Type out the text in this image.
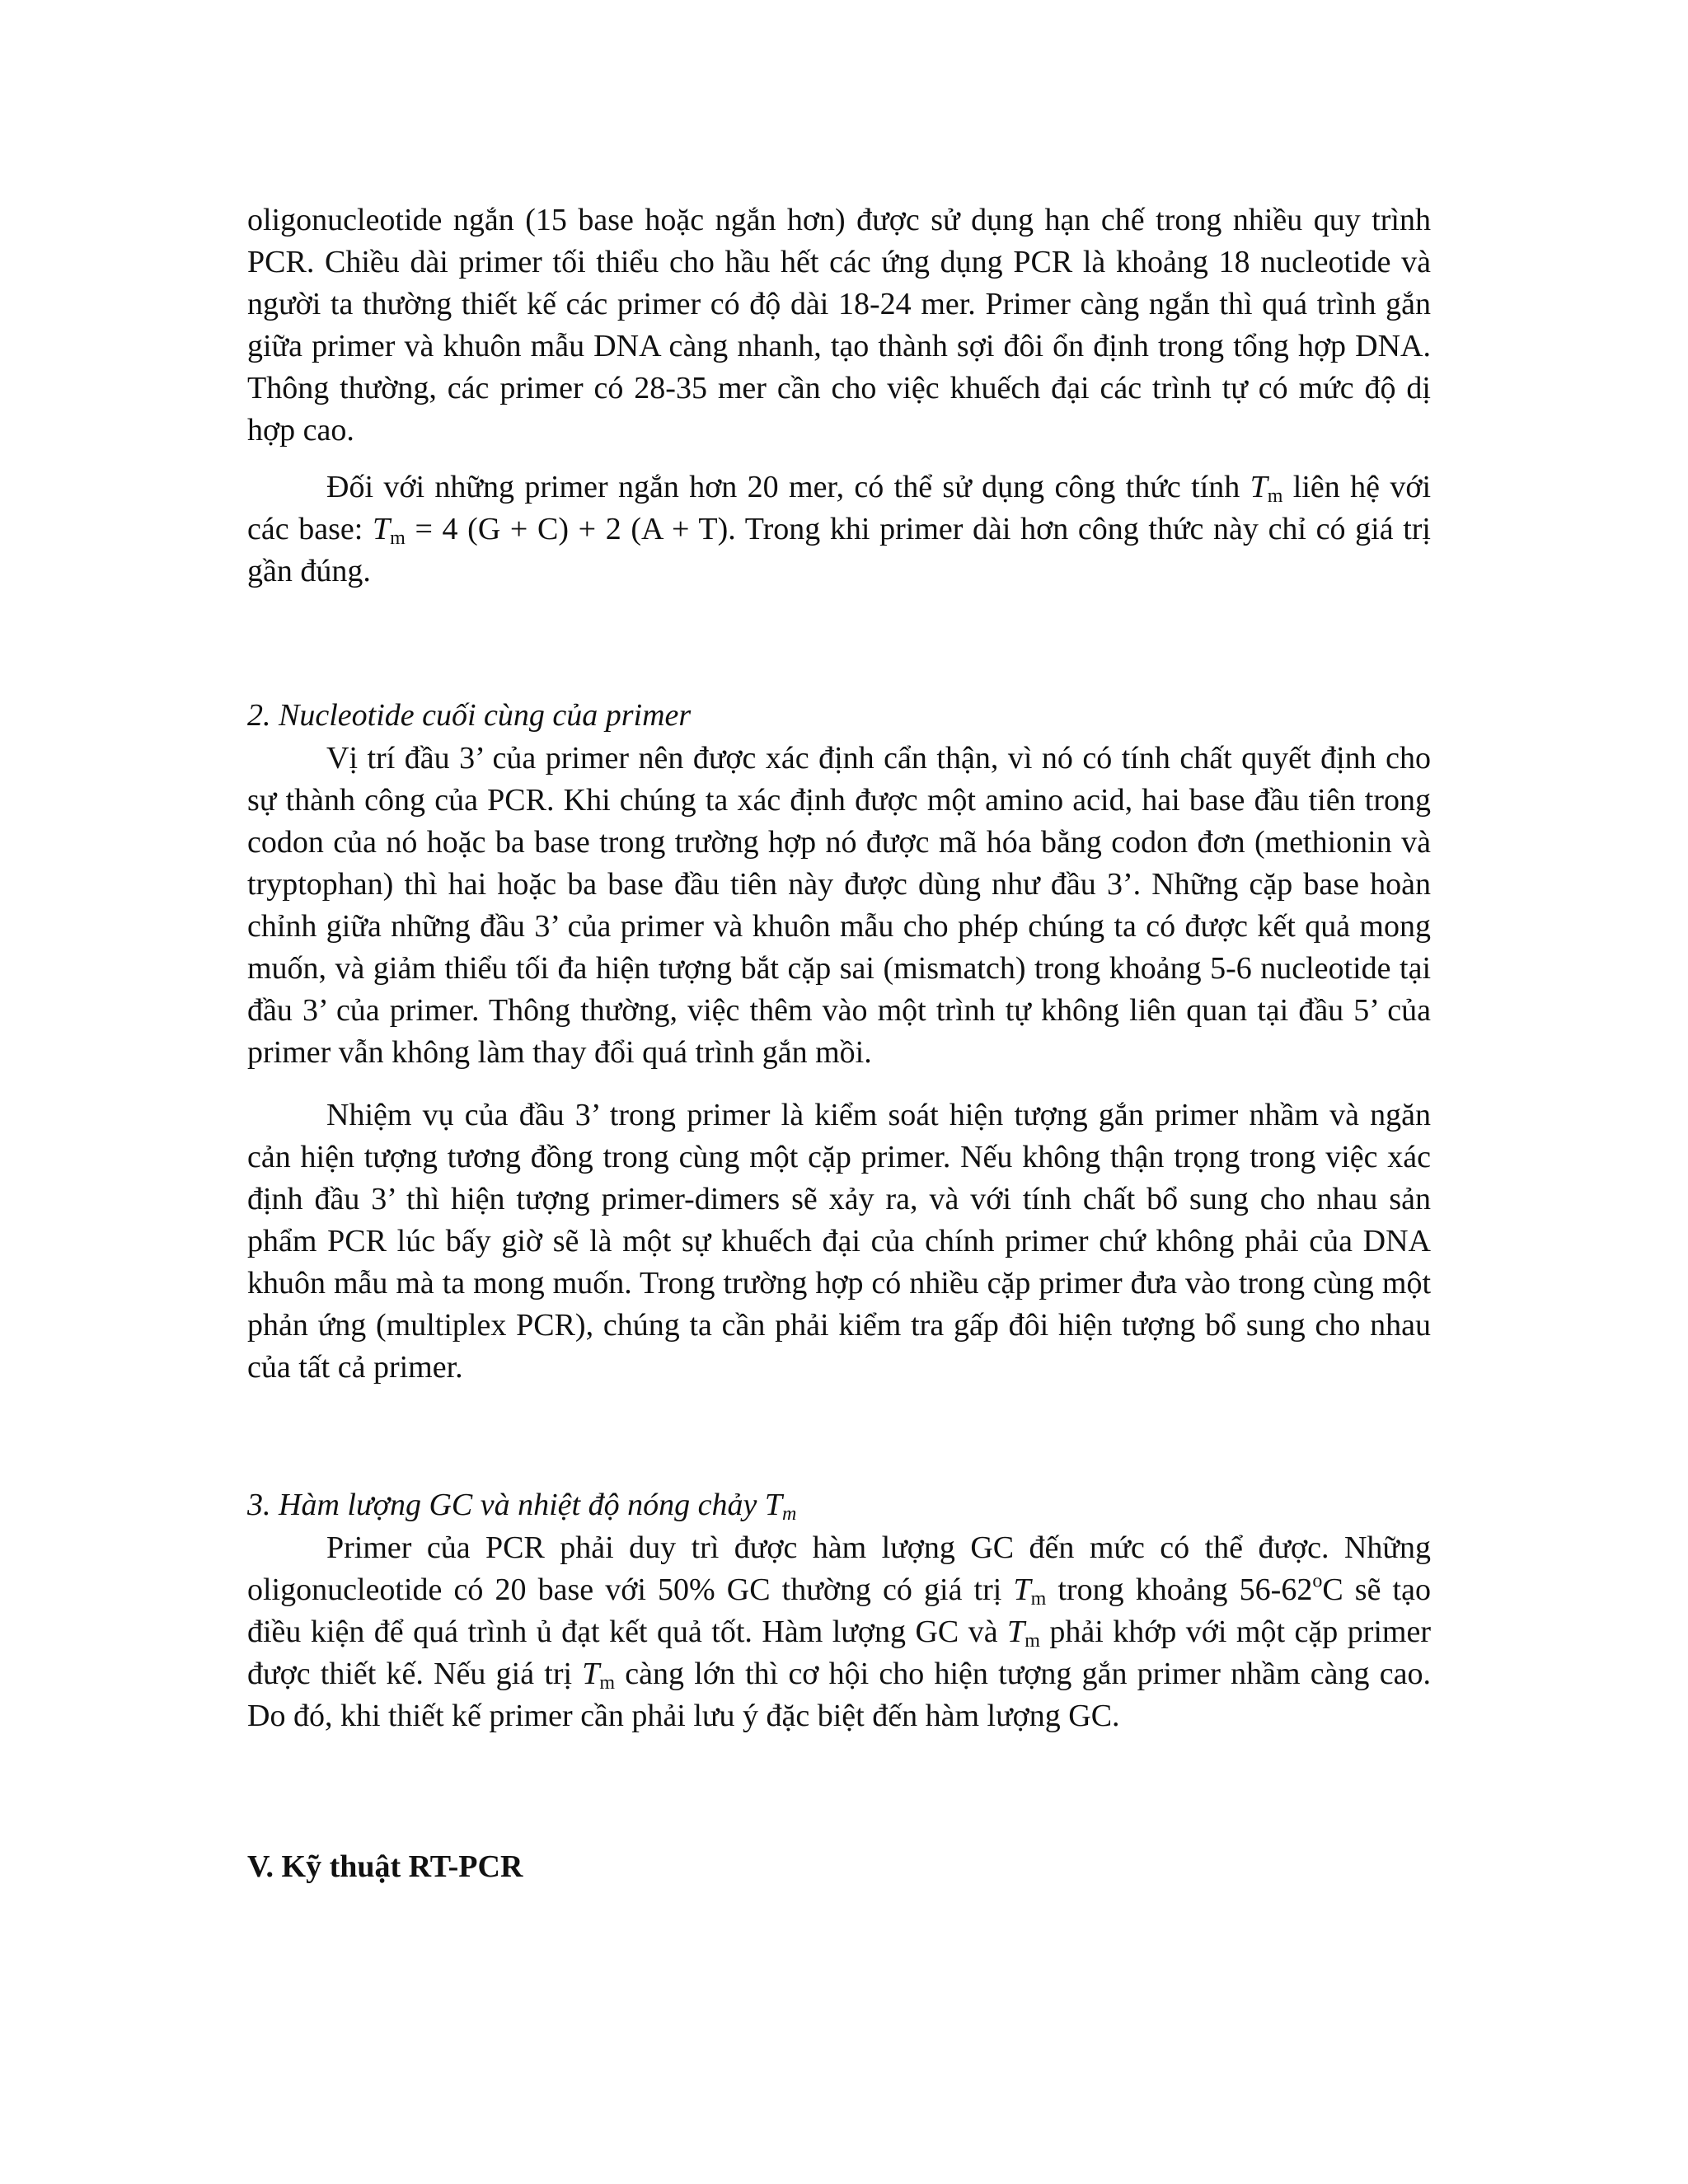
oligonucleotide ngắn (15 base hoặc ngắn hơn) được sử dụng hạn chế trong nhiều quy trình PCR. Chiều dài primer tối thiểu cho hầu hết các ứng dụng PCR là khoảng 18 nucleotide và người ta thường thiết kế các primer có độ dài 18-24 mer. Primer càng ngắn thì quá trình gắn giữa primer và khuôn mẫu DNA càng nhanh, tạo thành sợi đôi ổn định trong tổng hợp DNA. Thông thường, các primer có 28-35 mer cần cho việc khuếch đại các trình tự có mức độ dị hợp cao.

Đối với những primer ngắn hơn 20 mer, có thể sử dụng công thức tính $T_m$ liên hệ với các base: $T_m = 4$ (G + C) + 2 (A + T). Trong khi primer dài hơn công thức này chỉ có giá trị gần đúng.

2. Nucleotide cuối cùng của primer

Vị trí đầu 3’ của primer nên được xác định cẩn thận, vì nó có tính chất quyết định cho sự thành công của PCR. Khi chúng ta xác định được một amino acid, hai base đầu tiên trong codon của nó hoặc ba base trong trường hợp nó được mã hóa bằng codon đơn (methionin và tryptophan) thì hai hoặc ba base đầu tiên này được dùng như đầu 3’. Những cặp base hoàn chỉnh giữa những đầu 3’ của primer và khuôn mẫu cho phép chúng ta có được kết quả mong muốn, và giảm thiểu tối đa hiện tượng bắt cặp sai (mismatch) trong khoảng 5-6 nucleotide tại đầu 3’ của primer. Thông thường, việc thêm vào một trình tự không liên quan tại đầu 5’ của primer vẫn không làm thay đổi quá trình gắn mồi.

Nhiệm vụ của đầu 3’ trong primer là kiểm soát hiện tượng gắn primer nhầm và ngăn cản hiện tượng tương đồng trong cùng một cặp primer. Nếu không thận trọng trong việc xác định đầu 3’ thì hiện tượng primer-dimers sẽ xảy ra, và với tính chất bổ sung cho nhau sản phẩm PCR lúc bấy giờ sẽ là một sự khuếch đại của chính primer chứ không phải của DNA khuôn mẫu mà ta mong muốn. Trong trường hợp có nhiều cặp primer đưa vào trong cùng một phản ứng (multiplex PCR), chúng ta cần phải kiểm tra gấp đôi hiện tượng bổ sung cho nhau của tất cả primer.

3. Hàm lượng GC và nhiệt độ nóng chảy $T_m$

Primer của PCR phải duy trì được hàm lượng GC đến mức có thể được. Những oligonucleotide có 20 base với 50% GC thường có giá trị $T_m$ trong khoảng 56-62$^o$C sẽ tạo điều kiện để quá trình ủ đạt kết quả tốt. Hàm lượng GC và $T_m$ phải khớp với một cặp primer được thiết kế. Nếu giá trị $T_m$ càng lớn thì cơ hội cho hiện tượng gắn primer nhầm càng cao. Do đó, khi thiết kế primer cần phải lưu ý đặc biệt đến hàm lượng GC.

V. Kỹ thuật RT-PCR
